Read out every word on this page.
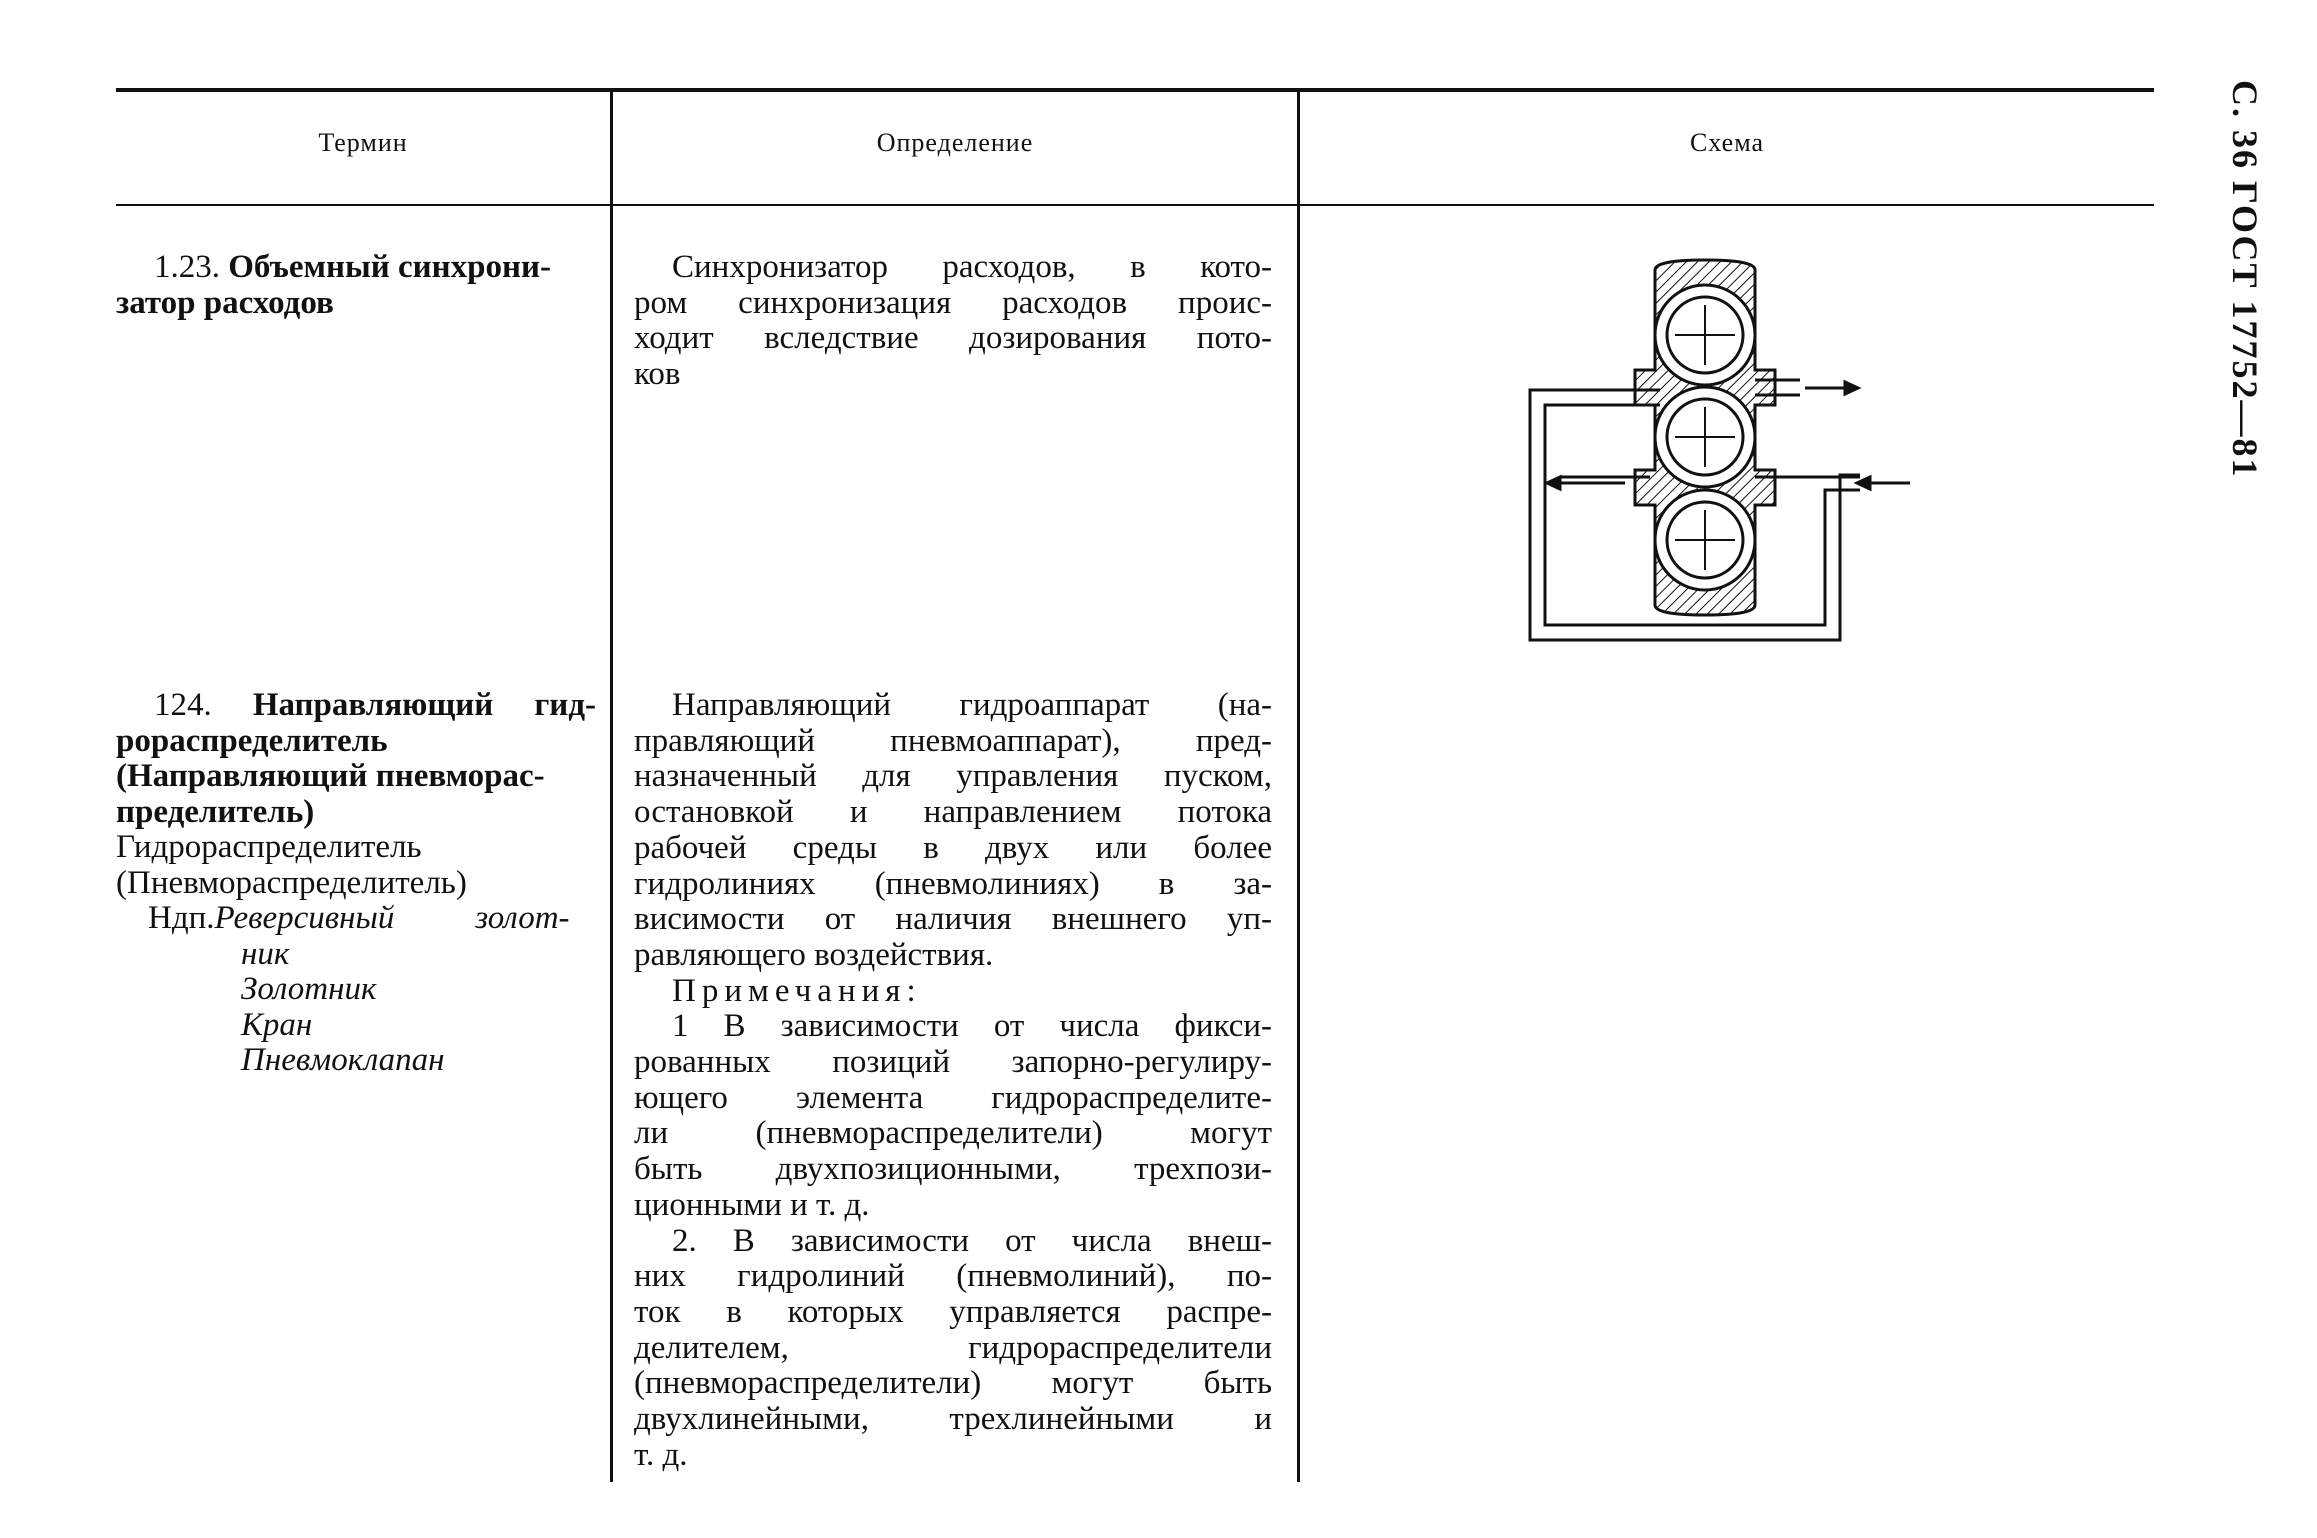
С. 36 ГОСТ 17752—81
Термин	Определение	Схема
1.23. Объемный синхрони-
затор расходов
Синхронизатор расходов, в кото-
ром синхронизация расходов проис-
ходит вследствие дозирования пото-
ков
124. Направляющий гид-
рораспределитель
(Направляющий пневморас-
пределитель)
Гидрораспределитель
(Пневмораспределитель)
Ндп.Реверсивный золот-
ник
Золотник
Кран
Пневмоклапан
Направляющий гидроаппарат (на-
правляющий пневмоаппарат), пред-
назначенный для управления пуском,
остановкой и направлением потока
рабочей среды в двух или более
гидролиниях (пневмолиниях) в за-
висимости от наличия внешнего уп-
равляющего воздействия.
Примечания:
1 В зависимости от числа фикси-
рованных позиций запорно-регулиру-
ющего элемента гидрораспределите-
ли (пневмораспределители) могут
быть двухпозиционными, трехпози-
ционными и т. д.
2. В зависимости от числа внеш-
них гидролиний (пневмолиний), по-
ток в которых управляется распре-
делителем, гидрораспределители
(пневмораспределители) могут быть
двухлинейными, трехлинейными и
т. д.
